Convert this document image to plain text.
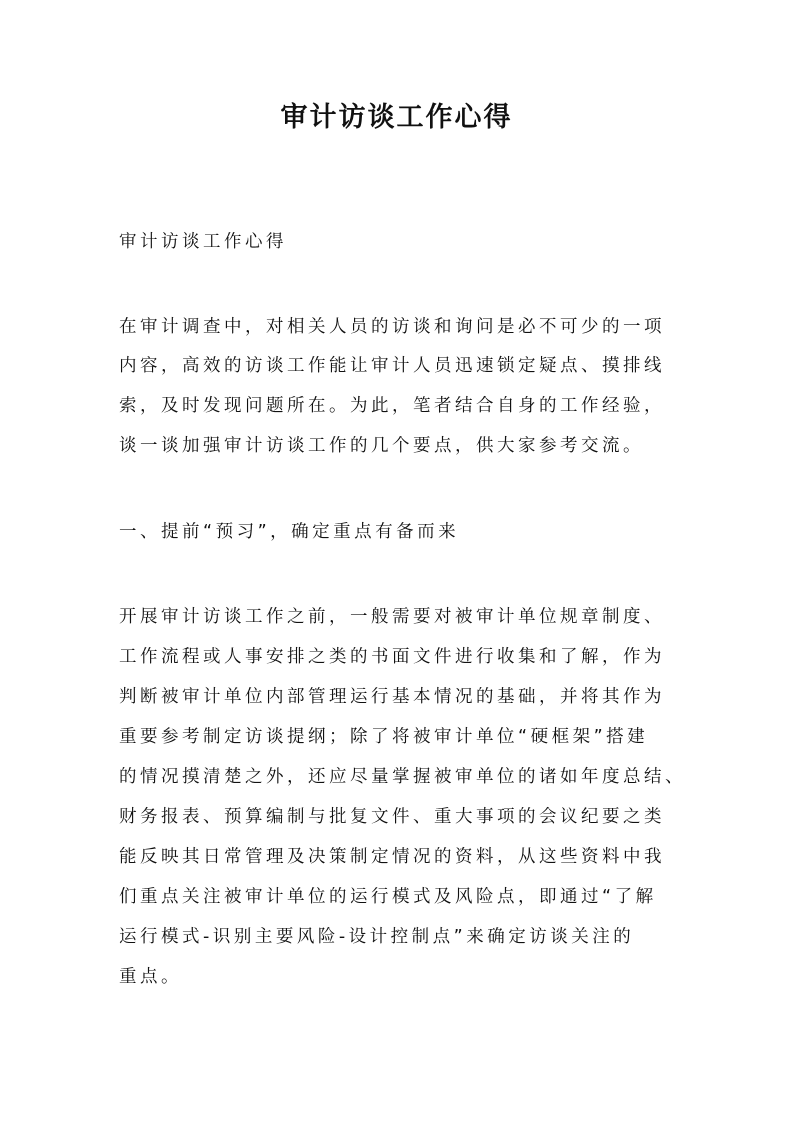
审计访谈工作心得

审计访谈工作心得

在审计调查中，对相关人员的访谈和询问是必不可少的一项

内容，高效的访谈工作能让审计人员迅速锁定疑点、摸排线

索，及时发现问题所在。为此，笔者结合自身的工作经验，

谈一谈加强审计访谈工作的几个要点，供大家参考交流。

一、提前“预习”，确定重点有备而来

开展审计访谈工作之前，一般需要对被审计单位规章制度、

工作流程或人事安排之类的书面文件进行收集和了解，作为

判断被审计单位内部管理运行基本情况的基础，并将其作为

重要参考制定访谈提纲；除了将被审计单位“硬框架”搭建

的情况摸清楚之外，还应尽量掌握被审单位的诸如年度总结、

财务报表、预算编制与批复文件、重大事项的会议纪要之类

能反映其日常管理及决策制定情况的资料，从这些资料中我

们重点关注被审计单位的运行模式及风险点，即通过“了解

运行模式-识别主要风险-设计控制点”来确定访谈关注的

重点。
